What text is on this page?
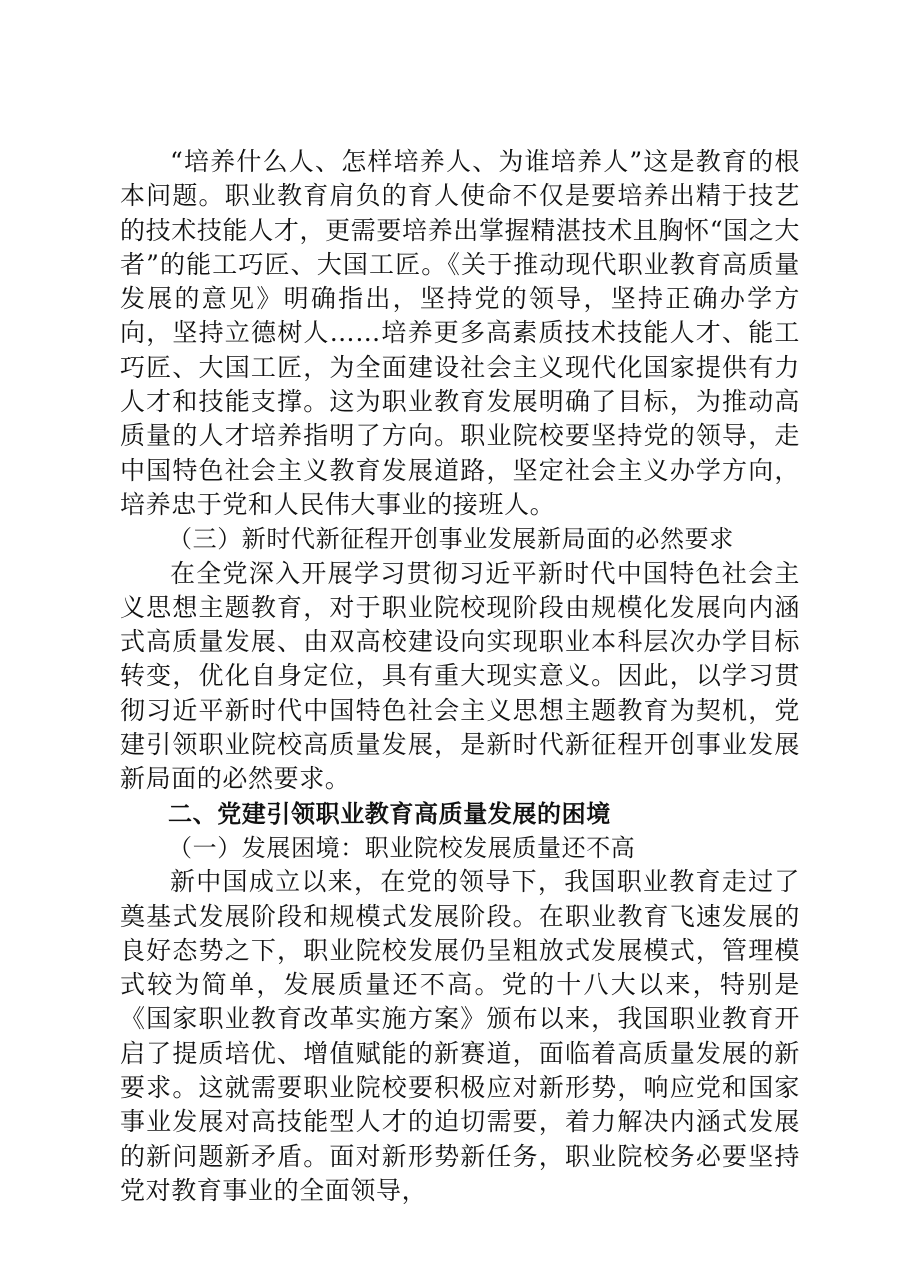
“培养什么人、怎样培养人、为谁培养人”这是教育的根本问题。职业教育肩负的育人使命不仅是要培养出精于技艺的技术技能人才，更需要培养出掌握精湛技术且胸怀“国之大者”的能工巧匠、大国工匠。《关于推动现代职业教育高质量发展的意见》明确指出，坚持党的领导，坚持正确办学方向，坚持立德树人……培养更多高素质技术技能人才、能工巧匠、大国工匠，为全面建设社会主义现代化国家提供有力人才和技能支撑。这为职业教育发展明确了目标，为推动高质量的人才培养指明了方向。职业院校要坚持党的领导，走中国特色社会主义教育发展道路，坚定社会主义办学方向，培养忠于党和人民伟大事业的接班人。

（三）新时代新征程开创事业发展新局面的必然要求

在全党深入开展学习贯彻习近平新时代中国特色社会主义思想主题教育，对于职业院校现阶段由规模化发展向内涵式高质量发展、由双高校建设向实现职业本科层次办学目标转变，优化自身定位，具有重大现实意义。因此，以学习贯彻习近平新时代中国特色社会主义思想主题教育为契机，党建引领职业院校高质量发展，是新时代新征程开创事业发展新局面的必然要求。

二、党建引领职业教育高质量发展的困境

（一）发展困境：职业院校发展质量还不高

新中国成立以来，在党的领导下，我国职业教育走过了奠基式发展阶段和规模式发展阶段。在职业教育飞速发展的良好态势之下，职业院校发展仍呈粗放式发展模式，管理模式较为简单，发展质量还不高。党的十八大以来，特别是《国家职业教育改革实施方案》颁布以来，我国职业教育开启了提质培优、增值赋能的新赛道，面临着高质量发展的新要求。这就需要职业院校要积极应对新形势，响应党和国家事业发展对高技能型人才的迫切需要，着力解决内涵式发展的新问题新矛盾。面对新形势新任务，职业院校务必要坚持党对教育事业的全面领导，
